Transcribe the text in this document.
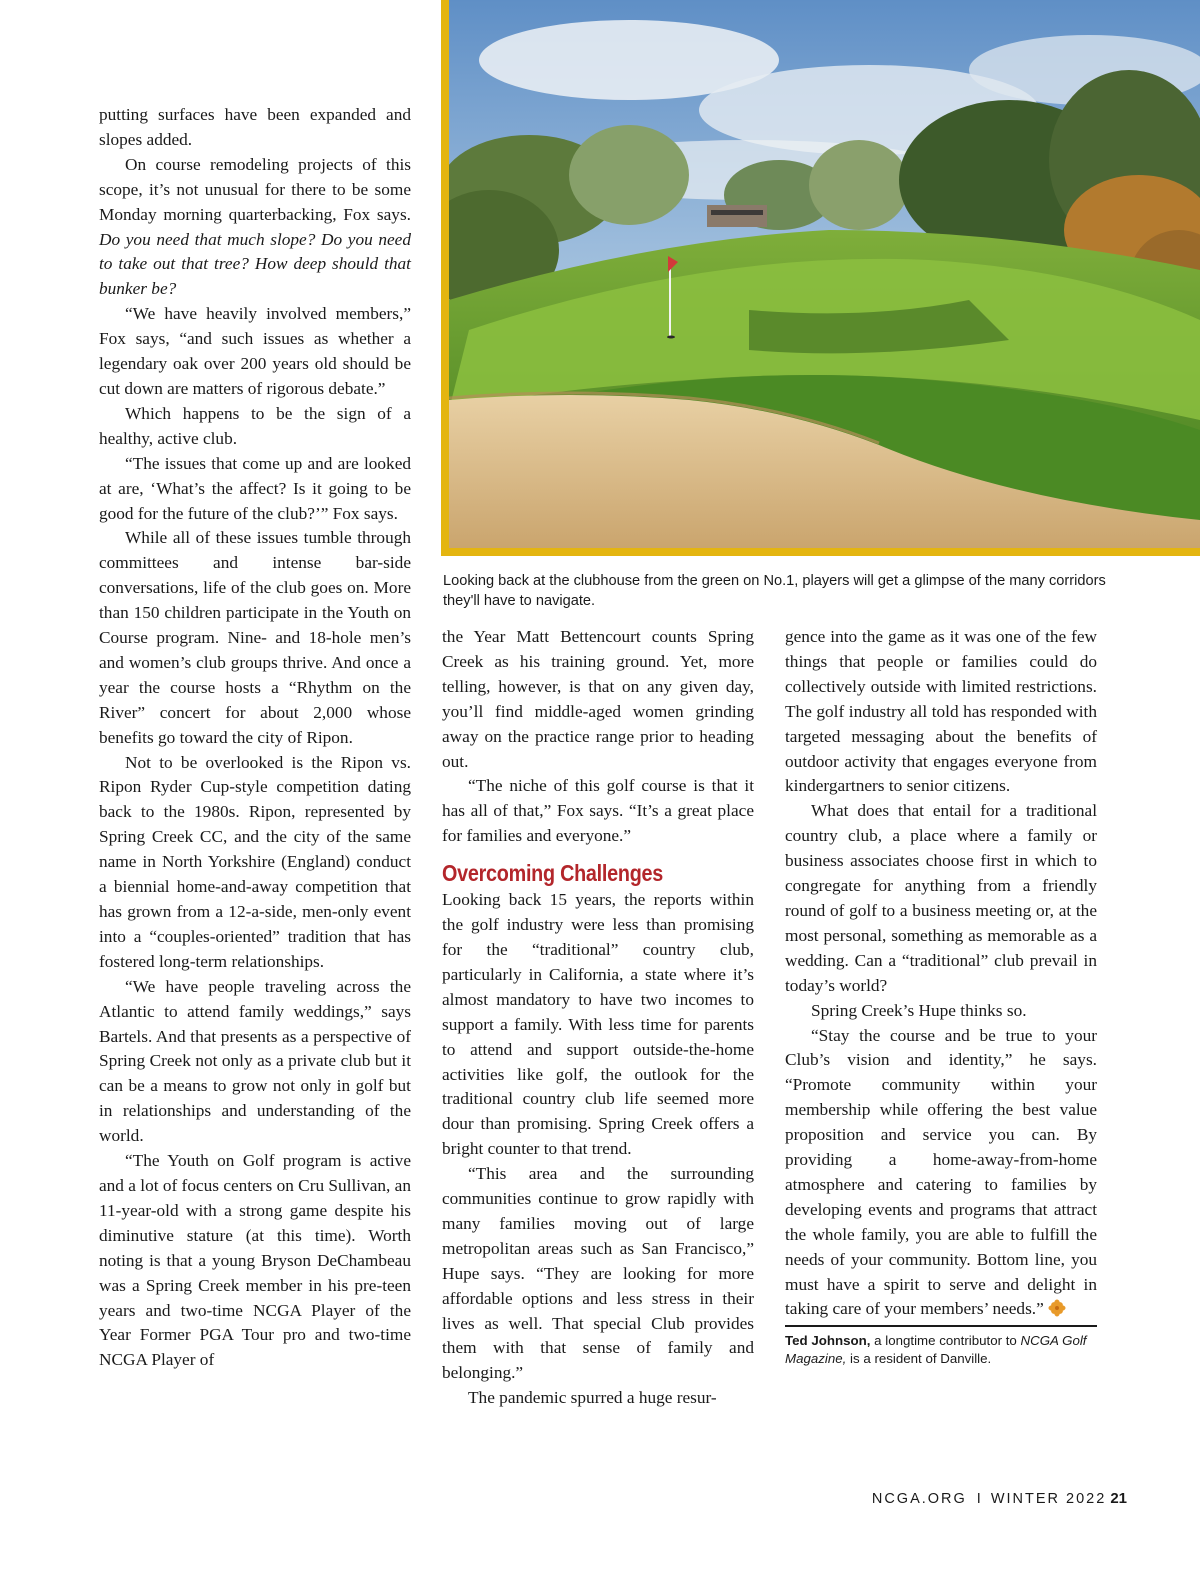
putting surfaces have been expanded and slopes added.

On course remodeling projects of this scope, it’s not unusual for there to be some Monday morning quarterbacking, Fox says. Do you need that much slope? Do you need to take out that tree? How deep should that bunker be?

“We have heavily involved members,” Fox says, “and such issues as whether a legendary oak over 200 years old should be cut down are matters of rigorous debate.”

Which happens to be the sign of a healthy, active club.

“The issues that come up and are looked at are, ‘What’s the affect? Is it going to be good for the future of the club?’” Fox says.

While all of these issues tumble through committees and intense bar-side conversations, life of the club goes on. More than 150 children participate in the Youth on Course program. Nine- and 18-hole men’s and women’s club groups thrive. And once a year the course hosts a “Rhythm on the River” concert for about 2,000 whose benefits go toward the city of Ripon.

Not to be overlooked is the Ripon vs. Ripon Ryder Cup-style competition dating back to the 1980s. Ripon, represented by Spring Creek CC, and the city of the same name in North Yorkshire (England) conduct a biennial home-and-away competition that has grown from a 12-a-side, men-only event into a “couples-oriented” tradition that has fostered long-term relationships.

“We have people traveling across the Atlantic to attend family weddings,” says Bartels. And that presents as a perspective of Spring Creek not only as a private club but it can be a means to grow not only in golf but in relationships and understanding of the world.

“The Youth on Golf program is active and a lot of focus centers on Cru Sullivan, an 11-year-old with a strong game despite his diminutive stature (at this time). Worth noting is that a young Bryson DeChambeau was a Spring Creek member in his pre-teen years and two-time NCGA Player of the Year Former PGA Tour pro and two-time NCGA Player of

Looking back at the clubhouse from the green on No.1, players will get a glimpse of the many corridors they'll have to navigate.

the Year Matt Bettencourt counts Spring Creek as his training ground. Yet, more telling, however, is that on any given day, you’ll find middle-aged women grinding away on the practice range prior to heading out.

“The niche of this golf course is that it has all of that,” Fox says. “It’s a great place for families and everyone.”

Overcoming Challenges

Looking back 15 years, the reports within the golf industry were less than promising for the “traditional” country club, particularly in California, a state where it’s almost mandatory to have two incomes to support a family. With less time for parents to attend and support outside-the-home activities like golf, the outlook for the traditional country club life seemed more dour than promising. Spring Creek offers a bright counter to that trend.

“This area and the surrounding communities continue to grow rapidly with many families moving out of large metropolitan areas such as San Francisco,” Hupe says. “They are looking for more affordable options and less stress in their lives as well. That special Club provides them with that sense of family and belonging.”

The pandemic spurred a huge resur-

gence into the game as it was one of the few things that people or families could do collectively outside with limited restrictions. The golf industry all told has responded with targeted messaging about the benefits of outdoor activity that engages everyone from kindergartners to senior citizens.

What does that entail for a traditional country club, a place where a family or business associates choose first in which to congregate for anything from a friendly round of golf to a business meeting or, at the most personal, something as memorable as a wedding. Can a “traditional” club prevail in today’s world?

Spring Creek’s Hupe thinks so.

“Stay the course and be true to your Club’s vision and identity,” he says. “Promote community within your membership while offering the best value proposition and service you can. By providing a home-away-from-home atmosphere and catering to families by developing events and programs that attract the whole family, you are able to fulfill the needs of your community. Bottom line, you must have a spirit to serve and delight in taking care of your members’ needs.”

Ted Johnson, a longtime contributor to NCGA Golf Magazine, is a resident of Danville.
NCGA.ORG I WINTER 2022 21
